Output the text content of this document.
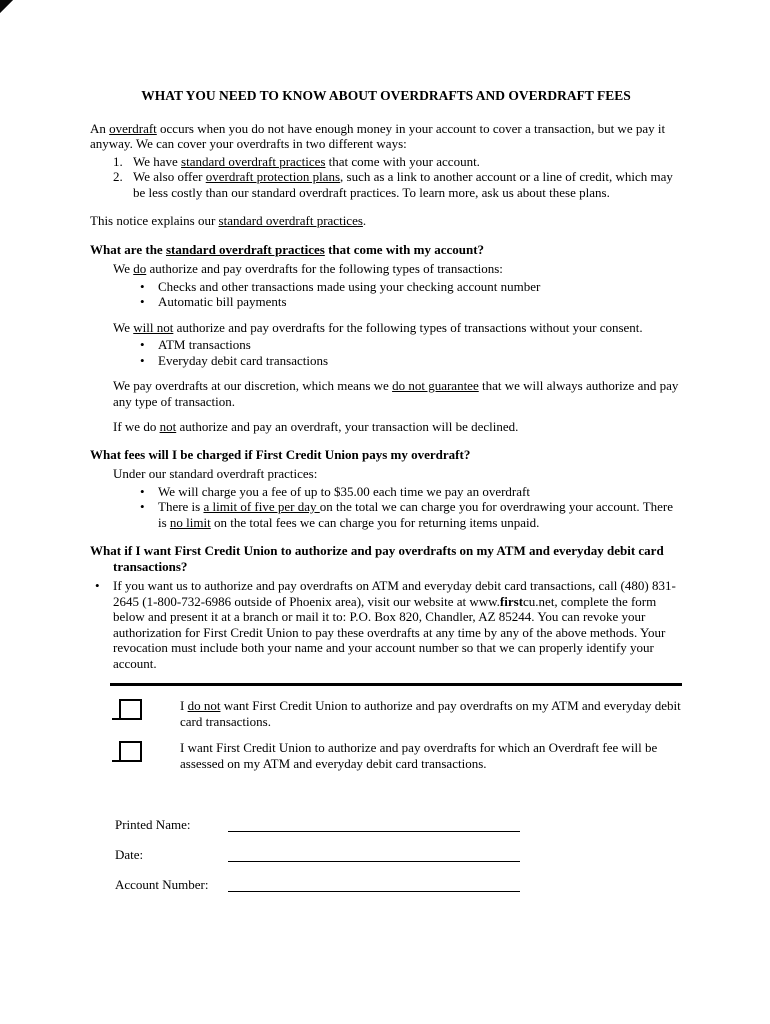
WHAT YOU NEED TO KNOW ABOUT OVERDRAFTS AND OVERDRAFT FEES
An overdraft occurs when you do not have enough money in your account to cover a transaction, but we pay it anyway. We can cover your overdrafts in two different ways:
1. We have standard overdraft practices that come with your account.
2. We also offer overdraft protection plans, such as a link to another account or a line of credit, which may be less costly than our standard overdraft practices. To learn more, ask us about these plans.
This notice explains our standard overdraft practices.
What are the standard overdraft practices that come with my account?
We do authorize and pay overdrafts for the following types of transactions:
•	Checks and other transactions made using your checking account number
•	Automatic bill payments
We will not authorize and pay overdrafts for the following types of transactions without your consent.
•	ATM transactions
•	Everyday debit card transactions
We pay overdrafts at our discretion, which means we do not guarantee that we will always authorize and pay any type of transaction.
If we do not authorize and pay an overdraft, your transaction will be declined.
What fees will I be charged if First Credit Union pays my overdraft?
Under our standard overdraft practices:
•	We will charge you a fee of up to $35.00 each time we pay an overdraft
•	There is a limit of five per day on the total we can charge you for overdrawing your account. There is no limit on the total fees we can charge you for returning items unpaid.
What if I want First Credit Union to authorize and pay overdrafts on my ATM and everyday debit card transactions?
•	If you want us to authorize and pay overdrafts on ATM and everyday debit card transactions, call (480) 831-2645 (1-800-732-6986 outside of Phoenix area), visit our website at www.firstcu.net, complete the form below and present it at a branch or mail it to: P.O. Box 820, Chandler, AZ 85244. You can revoke your authorization for First Credit Union to pay these overdrafts at any time by any of the above methods. Your revocation must include both your name and your account number so that we can properly identify your account.
I do not want First Credit Union to authorize and pay overdrafts on my ATM and everyday debit card transactions.
I want First Credit Union to authorize and pay overdrafts for which an Overdraft fee will be assessed on my ATM and everyday debit card transactions.
Printed Name:
Date:
Account Number:
